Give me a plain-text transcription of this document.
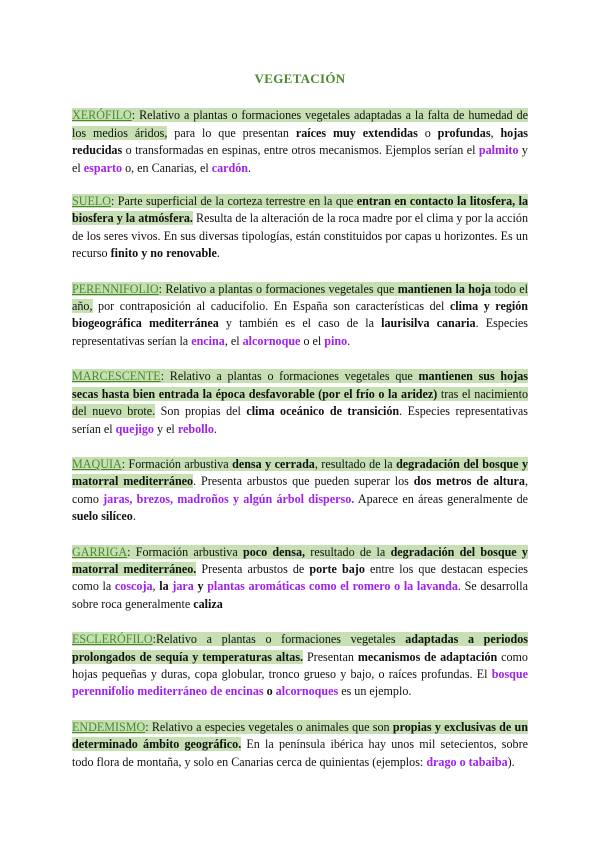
VEGETACIÓN

XERÓFILO: Relativo a plantas o formaciones vegetales adaptadas a la falta de humedad de los medios áridos, para lo que presentan raíces muy extendidas o profundas, hojas reducidas o transformadas en espinas, entre otros mecanismos. Ejemplos serían el palmito y el esparto o, en Canarias, el cardón.

SUELO: Parte superficial de la corteza terrestre en la que entran en contacto la litosfera, la biosfera y la atmósfera. Resulta de la alteración de la roca madre por el clima y por la acción de los seres vivos. En sus diversas tipologías, están constituidos por capas u horizontes. Es un recurso finito y no renovable.

PERENNIFOLIO: Relativo a plantas o formaciones vegetales que mantienen la hoja todo el año, por contraposición al caducifolio. En España son características del clima y región biogeográfica mediterránea y también es el caso de la laurisilva canaria. Especies representativas serían la encina, el alcornoque o el pino.

MARCESCENTE: Relativo a plantas o formaciones vegetales que mantienen sus hojas secas hasta bien entrada la época desfavorable (por el frío o la aridez) tras el nacimiento del nuevo brote. Son propias del clima oceánico de transición. Especies representativas serían el quejigo y el rebollo.

MAQUIA: Formación arbustiva densa y cerrada, resultado de la degradación del bosque y matorral mediterráneo. Presenta arbustos que pueden superar los dos metros de altura, como jaras, brezos, madroños y algún árbol disperso. Aparece en áreas generalmente de suelo silíceo.

GARRIGA: Formación arbustiva poco densa, resultado de la degradación del bosque y matorral mediterráneo. Presenta arbustos de porte bajo entre los que destacan especies como la coscoja, la jara y plantas aromáticas como el romero o la lavanda. Se desarrolla sobre roca generalmente caliza

ESCLERÓFILO:Relativo a plantas o formaciones vegetales adaptadas a periodos prolongados de sequía y temperaturas altas. Presentan mecanismos de adaptación como hojas pequeñas y duras, copa globular, tronco grueso y bajo, o raíces profundas. El bosque perennifolio mediterráneo de encinas o alcornoques es un ejemplo.

ENDEMISMO: Relativo a especies vegetales o animales que son propias y exclusivas de un determinado ámbito geográfico. En la península ibérica hay unos mil setecientos, sobre todo flora de montaña, y solo en Canarias cerca de quinientas (ejemplos: drago o tabaiba).
